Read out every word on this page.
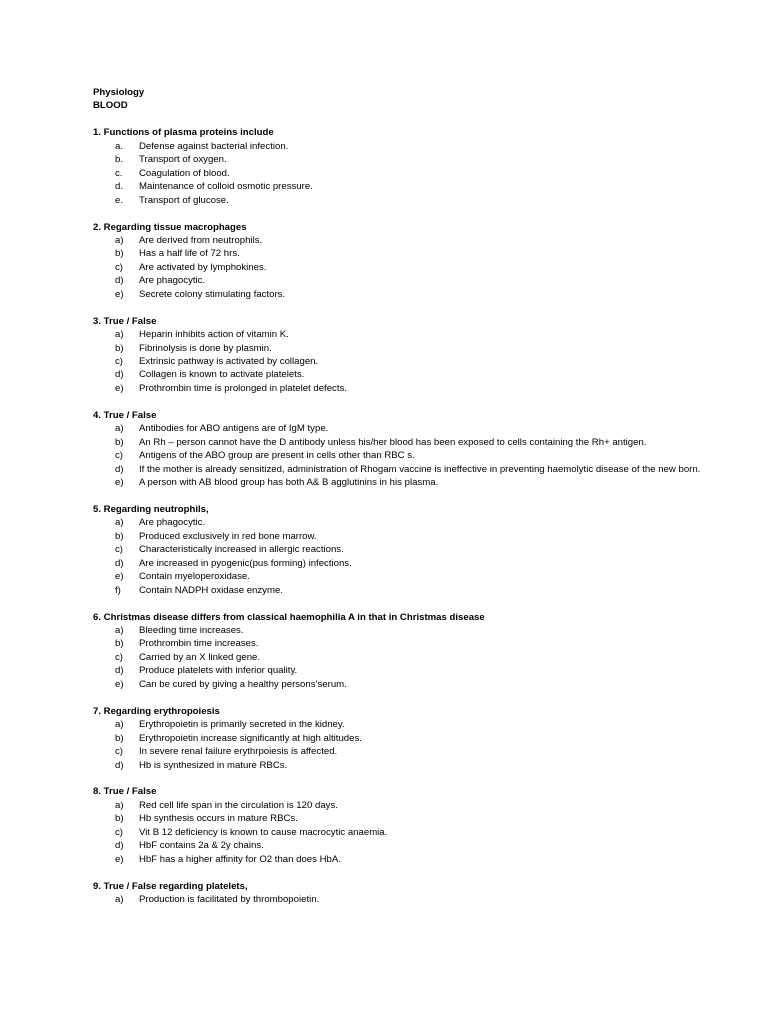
Physiology
BLOOD
1. Functions of plasma proteins include
a. Defense against bacterial infection.
b. Transport of oxygen.
c. Coagulation of blood.
d. Maintenance of colloid osmotic pressure.
e. Transport of glucose.
2. Regarding tissue macrophages
a) Are derived from neutrophils.
b) Has a half life of 72 hrs.
c) Are activated by lymphokines.
d) Are phagocytic.
e) Secrete colony stimulating factors.
3. True / False
a) Heparin inhibits action of vitamin K.
b) Fibrinolysis is done by plasmin.
c) Extrinsic pathway is activated by collagen.
d) Collagen is known to activate platelets.
e) Prothrombin time is prolonged in platelet defects.
4. True / False
a) Antibodies for ABO antigens are of IgM type.
b) An Rh – person cannot have the D antibody unless his/her blood has been exposed to cells containing the Rh+ antigen.
c) Antigens of the ABO group are present in cells other than RBC s.
d) If the mother is already sensitized, administration of Rhogam vaccine is ineffective in preventing haemolytic disease of the new born.
e) A person with AB blood group has both A& B agglutinins in his plasma.
5. Regarding neutrophils,
a) Are phagocytic.
b) Produced exclusively in red bone marrow.
c) Characteristically increased in allergic reactions.
d) Are increased in pyogenic(pus forming) infections.
e) Contain myeloperoxidase.
f) Contain NADPH oxidase enzyme.
6. Christmas disease differs from classical haemophilia A in that in Christmas disease
a) Bleeding time increases.
b) Prothrombin time increases.
c) Carried by an X linked gene.
d) Produce platelets with inferior quality.
e) Can be cured by giving a healthy persons’serum.
7. Regarding erythropoiesis
a) Erythropoietin is primarily secreted in the kidney.
b) Erythropoietin increase significantly at high altitudes.
c) In severe renal failure erythrpoiesis is affected.
d) Hb is synthesized in mature RBCs.
8. True / False
a) Red cell life span in the circulation is 120 days.
b) Hb synthesis occurs in mature RBCs.
c) Vit B 12 deficiency is known to cause macrocytic anaemia.
d) HbF contains 2a & 2y chains.
e) HbF has a higher affinity for O2 than does HbA.
9. True / False regarding platelets,
a) Production is facilitated by thrombopoietin.
